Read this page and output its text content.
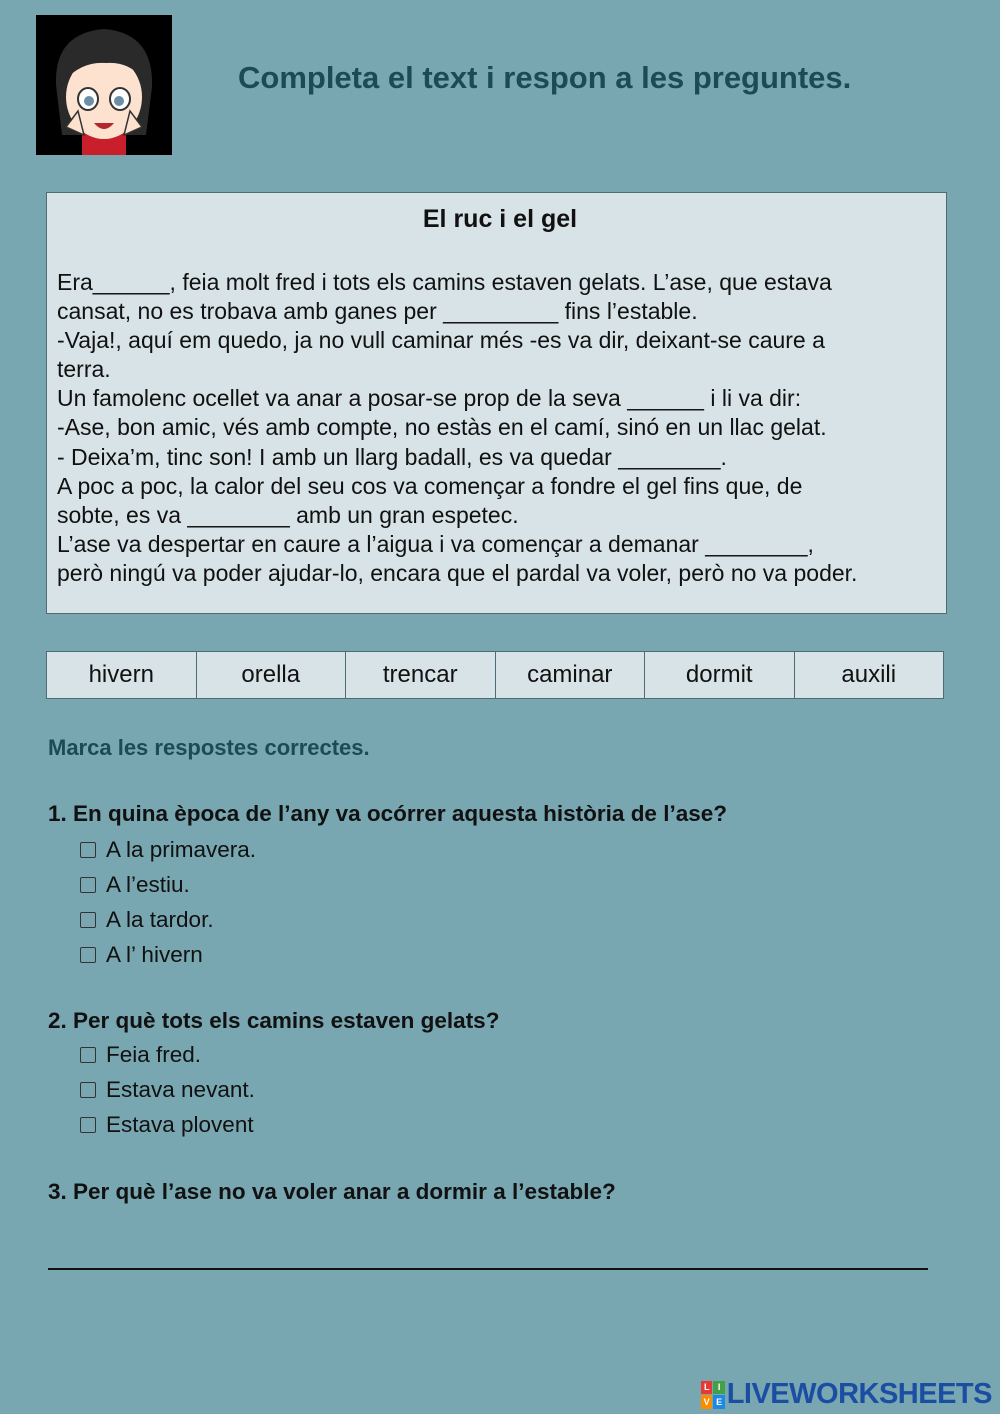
Completa el text i respon a les preguntes.
El ruc i el gel
Era______, feia molt fred i tots els camins estaven gelats. L’ase, que estava
cansat, no es trobava amb ganes per _________ fins l’estable.
-Vaja!, aquí em quedo, ja no vull caminar més -es va dir, deixant-se caure a
terra.
Un famolenc ocellet va anar a posar-se prop de la seva ______ i li va dir:
-Ase, bon amic, vés amb compte, no estàs en el camí, sinó en un llac gelat.
- Deixa’m, tinc son! I amb un llarg badall, es va quedar ________.
A poc a poc, la calor del seu cos va començar a fondre el gel fins que, de
sobte, es va ________ amb un gran espetec.
L’ase va despertar en caure a l’aigua i va començar a demanar ________,
però ningú va poder ajudar-lo, encara que el pardal va voler, però no va poder.
hivern	orella	trencar	caminar	dormit	auxili
Marca les respostes correctes.
1. En quina època de l’any va ocórrer aquesta història de l’ase?
A la primavera.
A l’estiu.
A la tardor.
A l’ hivern
2. Per què tots els camins estaven gelats?
Feia fred.
Estava nevant.
Estava plovent
3. Per què l’ase no va voler anar a dormir a l’estable?
L I
V E LIVEWORKSHEETS
